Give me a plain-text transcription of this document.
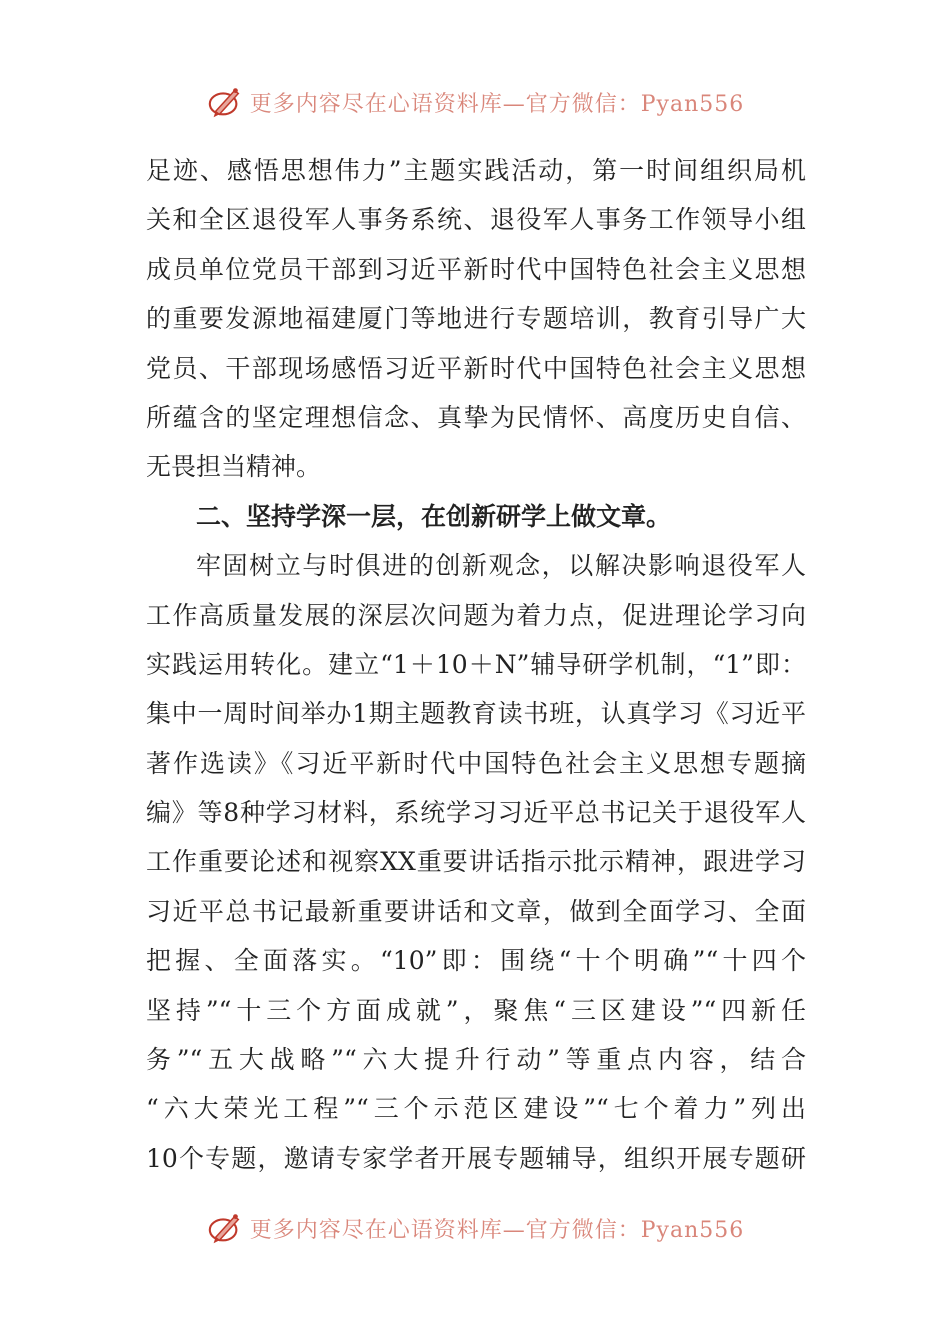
更多内容尽在心语资料库—官方微信：Pyan556
足迹、感悟思想伟力”主题实践活动，第一时间组织局机
关和全区退役军人事务系统、退役军人事务工作领导小组
成员单位党员干部到习近平新时代中国特色社会主义思想
的重要发源地福建厦门等地进行专题培训，教育引导广大
党员、干部现场感悟习近平新时代中国特色社会主义思想
所蕴含的坚定理想信念、真挚为民情怀、高度历史自信、
无畏担当精神。
二、坚持学深一层，在创新研学上做文章。
牢固树立与时俱进的创新观念，以解决影响退役军人
工作高质量发展的深层次问题为着力点，促进理论学习向
实践运用转化。建立“1＋10＋N”辅导研学机制，“1”即：
集中一周时间举办1期主题教育读书班，认真学习《习近平
著作选读》《习近平新时代中国特色社会主义思想专题摘
编》等8种学习材料，系统学习习近平总书记关于退役军人
工作重要论述和视察XX重要讲话指示批示精神，跟进学习
习近平总书记最新重要讲话和文章，做到全面学习、全面
把握、全面落实。“10”即：围绕“十个明确”“十四个
坚持”“十三个方面成就”，聚焦“三区建设”“四新任
务”“五大战略”“六大提升行动”等重点内容，结合
“六大荣光工程”“三个示范区建设”“七个着力”列出
10个专题，邀请专家学者开展专题辅导，组织开展专题研
更多内容尽在心语资料库—官方微信：Pyan556
